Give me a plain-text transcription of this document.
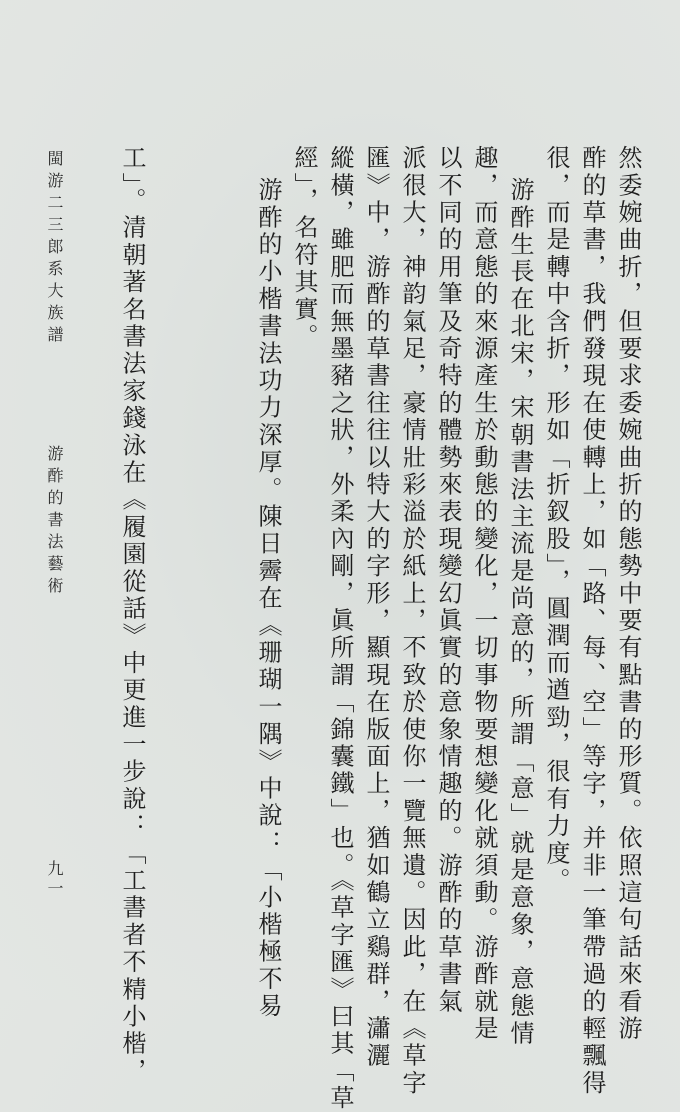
然委婉曲折，但要求委婉曲折的態勢中要有點書的形質。依照這句話來看游
酢的草書，我們發現在使轉上，如「路、每、空」等字，并非一筆帶過的輕飄得
很，而是轉中含折，形如「折釵股」，圓潤而遒勁，很有力度。
游酢生長在北宋，宋朝書法主流是尚意的，所謂「意」就是意象，意態情
趣，而意態的來源產生於動態的變化，一切事物要想變化就須動。游酢就是
以不同的用筆及奇特的體勢來表現變幻眞實的意象情趣的。游酢的草書氣
派很大，神韵氣足，豪情壯彩溢於紙上，不致於使你一覽無遺。因此，在《草字
匯》中，游酢的草書往往以特大的字形，顯現在版面上，猶如鶴立鷄群，瀟灑
縱橫，雖肥而無墨豬之狀，外柔內剛，眞所謂「錦囊鐵」也。《草字匯》曰其「草
經」，名符其實。
游酢的小楷書法功力深厚。陳日霽在《珊瑚一隅》中說：「小楷極不易
工」。清朝著名書法家錢泳在《履園從話》中更進一步說：「工書者不精小楷，
閩游二三郎系大族譜
游酢的書法藝術
九一
